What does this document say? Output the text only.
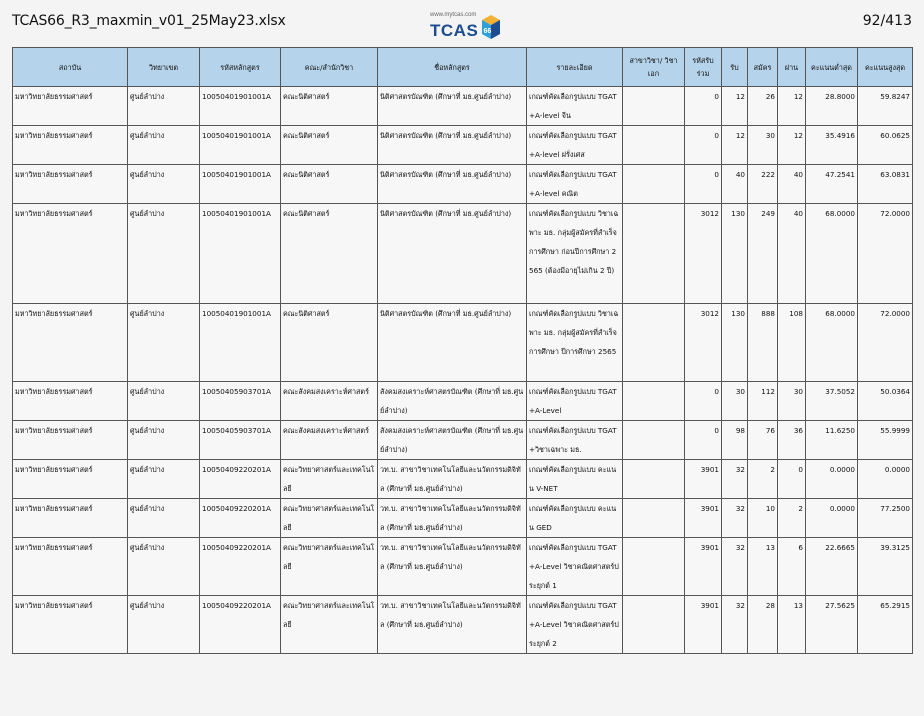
TCAS66_R3_maxmin_v01_25May23.xlsx	www.mytcas.com
TCAS 66
92/413
สถาบัน	วิทยาเขต	รหัสหลักสูตร	คณะ/สำนักวิชา	ชื่อหลักสูตร	รายละเอียด	สาขาวิชา/ วิชาเอก	รหัสรับ ร่วม	รับ	สมัคร	ผ่าน	คะแนนต่ำสุด	คะแนนสูงสุด
มหาวิทยาลัยธรรมศาสตร์	ศูนย์ลำปาง	10050401901001A	คณะนิติศาสตร์	นิติศาสตรบัณฑิต (ศึกษาที่ มธ.ศูนย์ลำปาง)	เกณฑ์คัดเลือกรูปแบบ TGAT+A-level จีน		0	12	26	12	28.8000	59.8247
มหาวิทยาลัยธรรมศาสตร์	ศูนย์ลำปาง	10050401901001A	คณะนิติศาสตร์	นิติศาสตรบัณฑิต (ศึกษาที่ มธ.ศูนย์ลำปาง)	เกณฑ์คัดเลือกรูปแบบ TGAT+A-level ฝรั่งเศส		0	12	30	12	35.4916	60.0625
มหาวิทยาลัยธรรมศาสตร์	ศูนย์ลำปาง	10050401901001A	คณะนิติศาสตร์	นิติศาสตรบัณฑิต (ศึกษาที่ มธ.ศูนย์ลำปาง)	เกณฑ์คัดเลือกรูปแบบ TGAT+A-level คณิต		0	40	222	40	47.2541	63.0831
มหาวิทยาลัยธรรมศาสตร์	ศูนย์ลำปาง	10050401901001A	คณะนิติศาสตร์	นิติศาสตรบัณฑิต (ศึกษาที่ มธ.ศูนย์ลำปาง)	เกณฑ์คัดเลือกรูปแบบ วิชาเฉพาะ มธ. กลุ่มผู้สมัครที่สำเร็จการศึกษา ก่อนปีการศึกษา 2565 (ต้องมีอายุไม่เกิน 2 ปี)		3012	130	249	40	68.0000	72.0000
มหาวิทยาลัยธรรมศาสตร์	ศูนย์ลำปาง	10050401901001A	คณะนิติศาสตร์	นิติศาสตรบัณฑิต (ศึกษาที่ มธ.ศูนย์ลำปาง)	เกณฑ์คัดเลือกรูปแบบ วิชาเฉพาะ มธ. กลุ่มผู้สมัครที่สำเร็จการศึกษา ปีการศึกษา 2565		3012	130	888	108	68.0000	72.0000
มหาวิทยาลัยธรรมศาสตร์	ศูนย์ลำปาง	10050405903701A	คณะสังคมสงเคราะห์ศาสตร์	สังคมสงเคราะห์ศาสตรบัณฑิต (ศึกษาที่ มธ.ศูนย์ลำปาง)	เกณฑ์คัดเลือกรูปแบบ TGAT+A-Level		0	30	112	30	37.5052	50.0364
มหาวิทยาลัยธรรมศาสตร์	ศูนย์ลำปาง	10050405903701A	คณะสังคมสงเคราะห์ศาสตร์	สังคมสงเคราะห์ศาสตรบัณฑิต (ศึกษาที่ มธ.ศูนย์ลำปาง)	เกณฑ์คัดเลือกรูปแบบ TGAT+วิชาเฉพาะ มธ.		0	98	76	36	11.6250	55.9999
มหาวิทยาลัยธรรมศาสตร์	ศูนย์ลำปาง	10050409220201A	คณะวิทยาศาสตร์และเทคโนโลยี	วท.บ. สาขาวิชาเทคโนโลยีและนวัตกรรมดิจิทัล (ศึกษาที่ มธ.ศูนย์ลำปาง)	เกณฑ์คัดเลือกรูปแบบ คะแนน V-NET		3901	32	2	0	0.0000	0.0000
มหาวิทยาลัยธรรมศาสตร์	ศูนย์ลำปาง	10050409220201A	คณะวิทยาศาสตร์และเทคโนโลยี	วท.บ. สาขาวิชาเทคโนโลยีและนวัตกรรมดิจิทัล (ศึกษาที่ มธ.ศูนย์ลำปาง)	เกณฑ์คัดเลือกรูปแบบ คะแนน GED		3901	32	10	2	0.0000	77.2500
มหาวิทยาลัยธรรมศาสตร์	ศูนย์ลำปาง	10050409220201A	คณะวิทยาศาสตร์และเทคโนโลยี	วท.บ. สาขาวิชาเทคโนโลยีและนวัตกรรมดิจิทัล (ศึกษาที่ มธ.ศูนย์ลำปาง)	เกณฑ์คัดเลือกรูปแบบ TGAT+A-Level วิชาคณิตศาสตร์ประยุกต์ 1		3901	32	13	6	22.6665	39.3125
มหาวิทยาลัยธรรมศาสตร์	ศูนย์ลำปาง	10050409220201A	คณะวิทยาศาสตร์และเทคโนโลยี	วท.บ. สาขาวิชาเทคโนโลยีและนวัตกรรมดิจิทัล (ศึกษาที่ มธ.ศูนย์ลำปาง)	เกณฑ์คัดเลือกรูปแบบ TGAT+A-Level วิชาคณิตศาสตร์ประยุกต์ 2		3901	32	28	13	27.5625	65.2915
